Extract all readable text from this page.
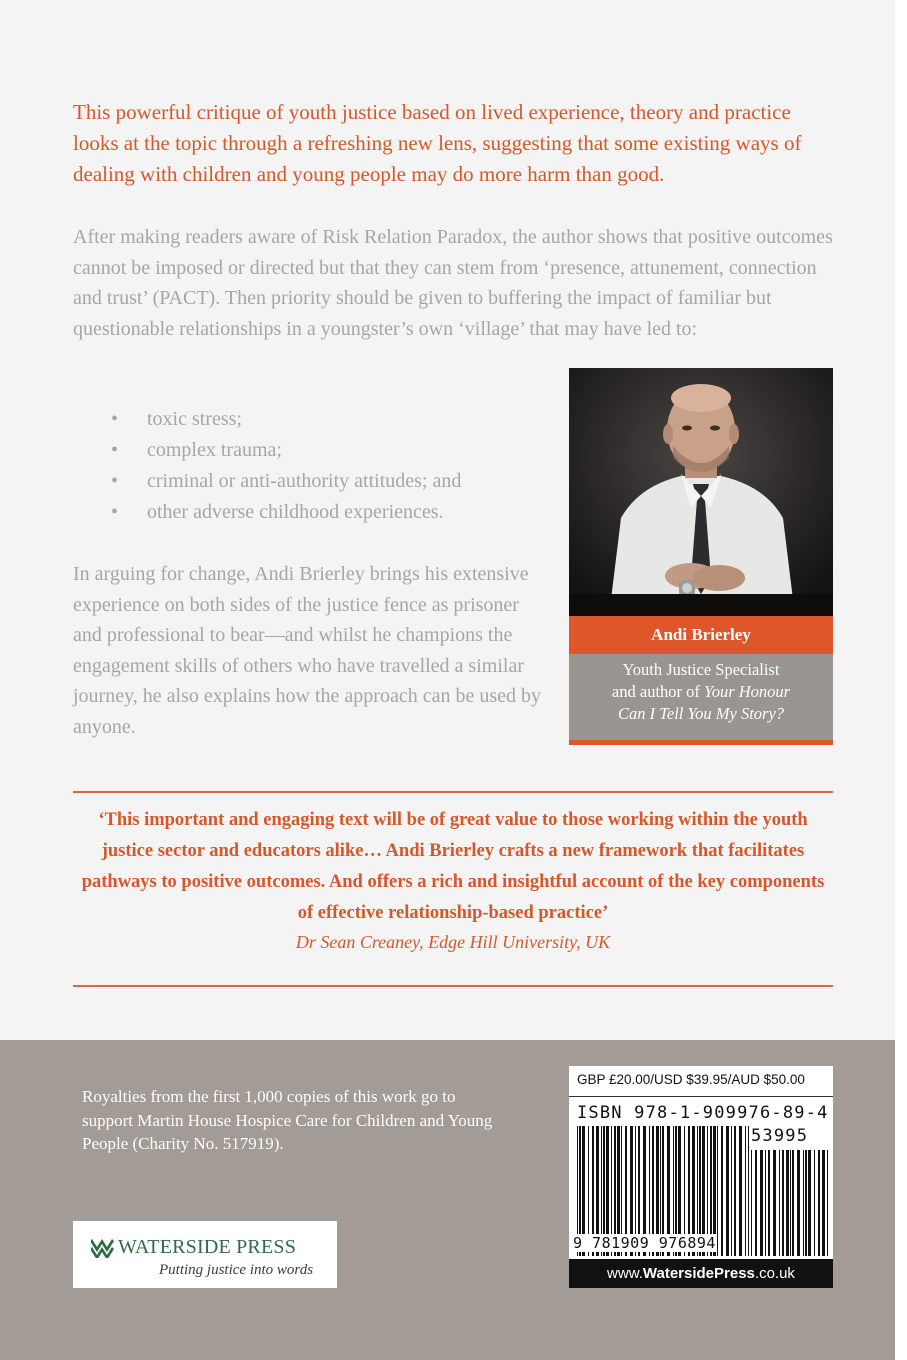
This powerful critique of youth justice based on lived experience, theory and practice looks at the topic through a refreshing new lens, suggesting that some existing ways of dealing with children and young people may do more harm than good.

After making readers aware of Risk Relation Paradox, the author shows that positive outcomes cannot be imposed or directed but that they can stem from ‘presence, attunement, connection and trust’ (PACT). Then priority should be given to buffering the impact of familiar but questionable relationships in a youngster’s own ‘village’ that may have led to:

• toxic stress;
• complex trauma;
• criminal or anti-authority attitudes; and
• other adverse childhood experiences.

In arguing for change, Andi Brierley brings his extensive experience on both sides of the justice fence as prisoner and professional to bear—and whilst he champions the engagement skills of others who have travelled a similar journey, he also explains how the approach can be used by anyone.

Andi Brierley
Youth Justice Specialist
and author of Your Honour
Can I Tell You My Story?

‘This important and engaging text will be of great value to those working within the youth justice sector and educators alike… Andi Brierley crafts a new framework that facilitates pathways to positive outcomes. And offers a rich and insightful account of the key components of effective relationship-based practice’

Dr Sean Creaney, Edge Hill University, UK

Royalties from the first 1,000 copies of this work go to support Martin House Hospice Care for Children and Young People (Charity No. 517919).

WATERSIDE PRESS
Putting justice into words
GBP £20.00/USD $39.95/AUD $50.00
ISBN 978-1-909976-89-4
53995
9 781909 976894
www.WatersidePress.co.uk
